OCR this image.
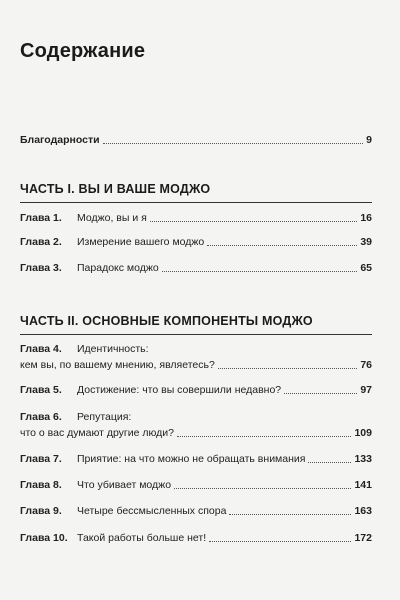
Содержание
Благодарности	9
ЧАСТЬ I. ВЫ И ВАШЕ МОДЖО
Глава 1.	Моджо, вы и я	16
Глава 2.	Измерение вашего моджо	39
Глава 3.	Парадокс моджо	65
ЧАСТЬ II. ОСНОВНЫЕ КОМПОНЕНТЫ МОДЖО
Глава 4.	Идентичность:
кем вы, по вашему мнению, являетесь?	76
Глава 5.	Достижение: что вы совершили недавно?	97
Глава 6.	Репутация:
что о вас думают другие люди?	109
Глава 7.	Приятие: на что можно не обращать внимания	133
Глава 8.	Что убивает моджо	141
Глава 9.	Четыре бессмысленных спора	163
Глава 10. Такой работы больше нет!	172
